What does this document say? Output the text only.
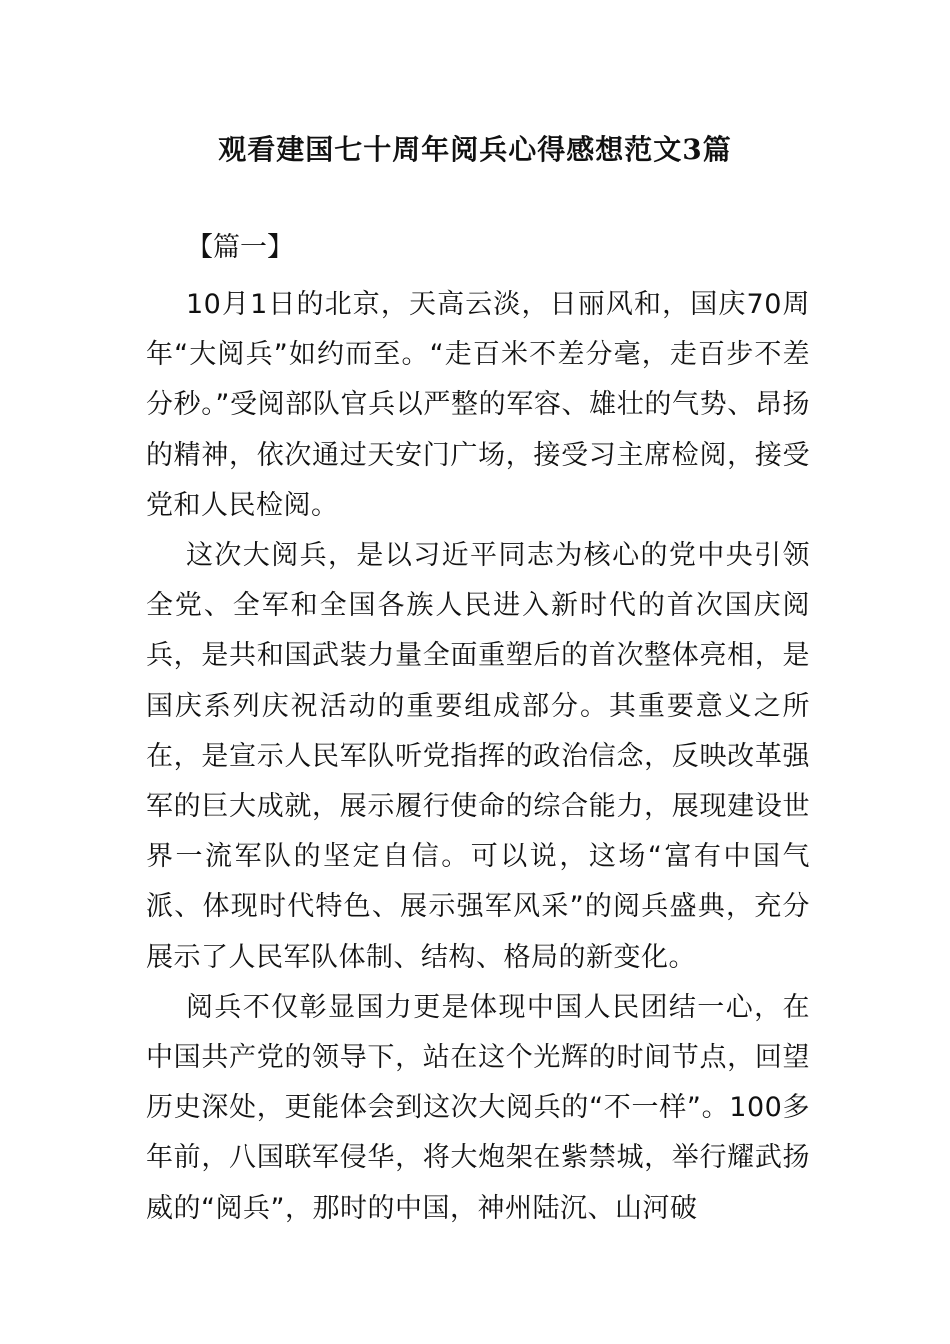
观看建国七十周年阅兵心得感想范文3篇
【篇一】

10月1日的北京，天高云淡，日丽风和，国庆70周年“大阅兵”如约而至。“走百米不差分毫，走百步不差分秒。”受阅部队官兵以严整的军容、雄壮的气势、昂扬的精神，依次通过天安门广场，接受习主席检阅，接受党和人民检阅。

这次大阅兵，是以习近平同志为核心的党中央引领全党、全军和全国各族人民进入新时代的首次国庆阅兵，是共和国武装力量全面重塑后的首次整体亮相，是国庆系列庆祝活动的重要组成部分。其重要意义之所在，是宣示人民军队听党指挥的政治信念，反映改革强军的巨大成就，展示履行使命的综合能力，展现建设世界一流军队的坚定自信。可以说，这场“富有中国气派、体现时代特色、展示强军风采”的阅兵盛典，充分展示了人民军队体制、结构、格局的新变化。

阅兵不仅彰显国力更是体现中国人民团结一心，在中国共产党的领导下，站在这个光辉的时间节点，回望历史深处，更能体会到这次大阅兵的“不一样”。100多年前，八国联军侵华，将大炮架在紫禁城，举行耀武扬威的“阅兵”，那时的中国，神州陆沉、山河破
